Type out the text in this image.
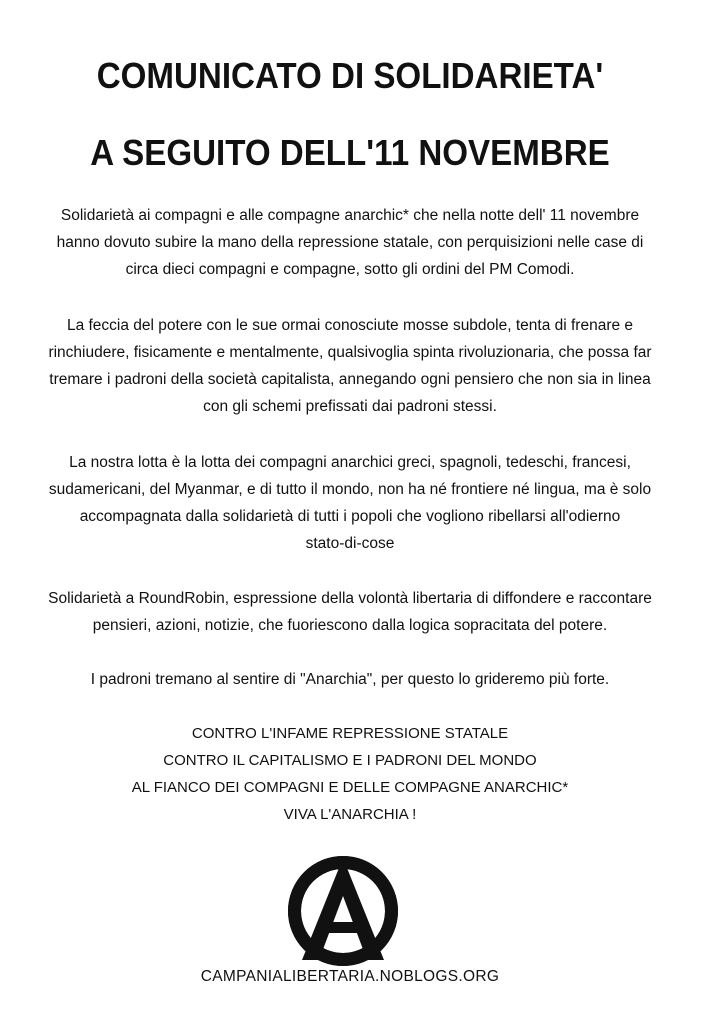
COMUNICATO DI SOLIDARIETA'
A SEGUITO DELL'11 NOVEMBRE
Solidarietà ai compagni e alle compagne anarchic* che nella notte dell' 11 novembre
hanno dovuto subire la mano della repressione statale, con perquisizioni nelle case di
circa dieci compagni e compagne, sotto gli ordini del PM Comodi.
La feccia del potere con le sue ormai conosciute mosse subdole, tenta di frenare e
rinchiudere, fisicamente e mentalmente, qualsivoglia spinta rivoluzionaria, che possa far
tremare i padroni della società capitalista, annegando ogni pensiero che non sia in linea
con gli schemi prefissati dai padroni stessi.
La nostra lotta è la lotta dei compagni anarchici greci, spagnoli, tedeschi, francesi,
sudamericani, del Myanmar, e di tutto il mondo, non ha né frontiere né lingua, ma è solo
accompagnata dalla solidarietà di tutti i popoli che vogliono ribellarsi all'odierno
stato-di-cose
Solidarietà a RoundRobin, espressione della volontà libertaria di diffondere e raccontare
pensieri, azioni, notizie, che fuoriescono dalla logica sopracitata del potere.
I padroni tremano al sentire di "Anarchia", per questo lo grideremo più forte.
CONTRO L'INFAME REPRESSIONE STATALE
CONTRO IL CAPITALISMO E I PADRONI DEL MONDO
AL FIANCO DEI COMPAGNI E DELLE COMPAGNE ANARCHIC*
VIVA L'ANARCHIA !
CAMPANIALIBERTARIA.NOBLOGS.ORG
